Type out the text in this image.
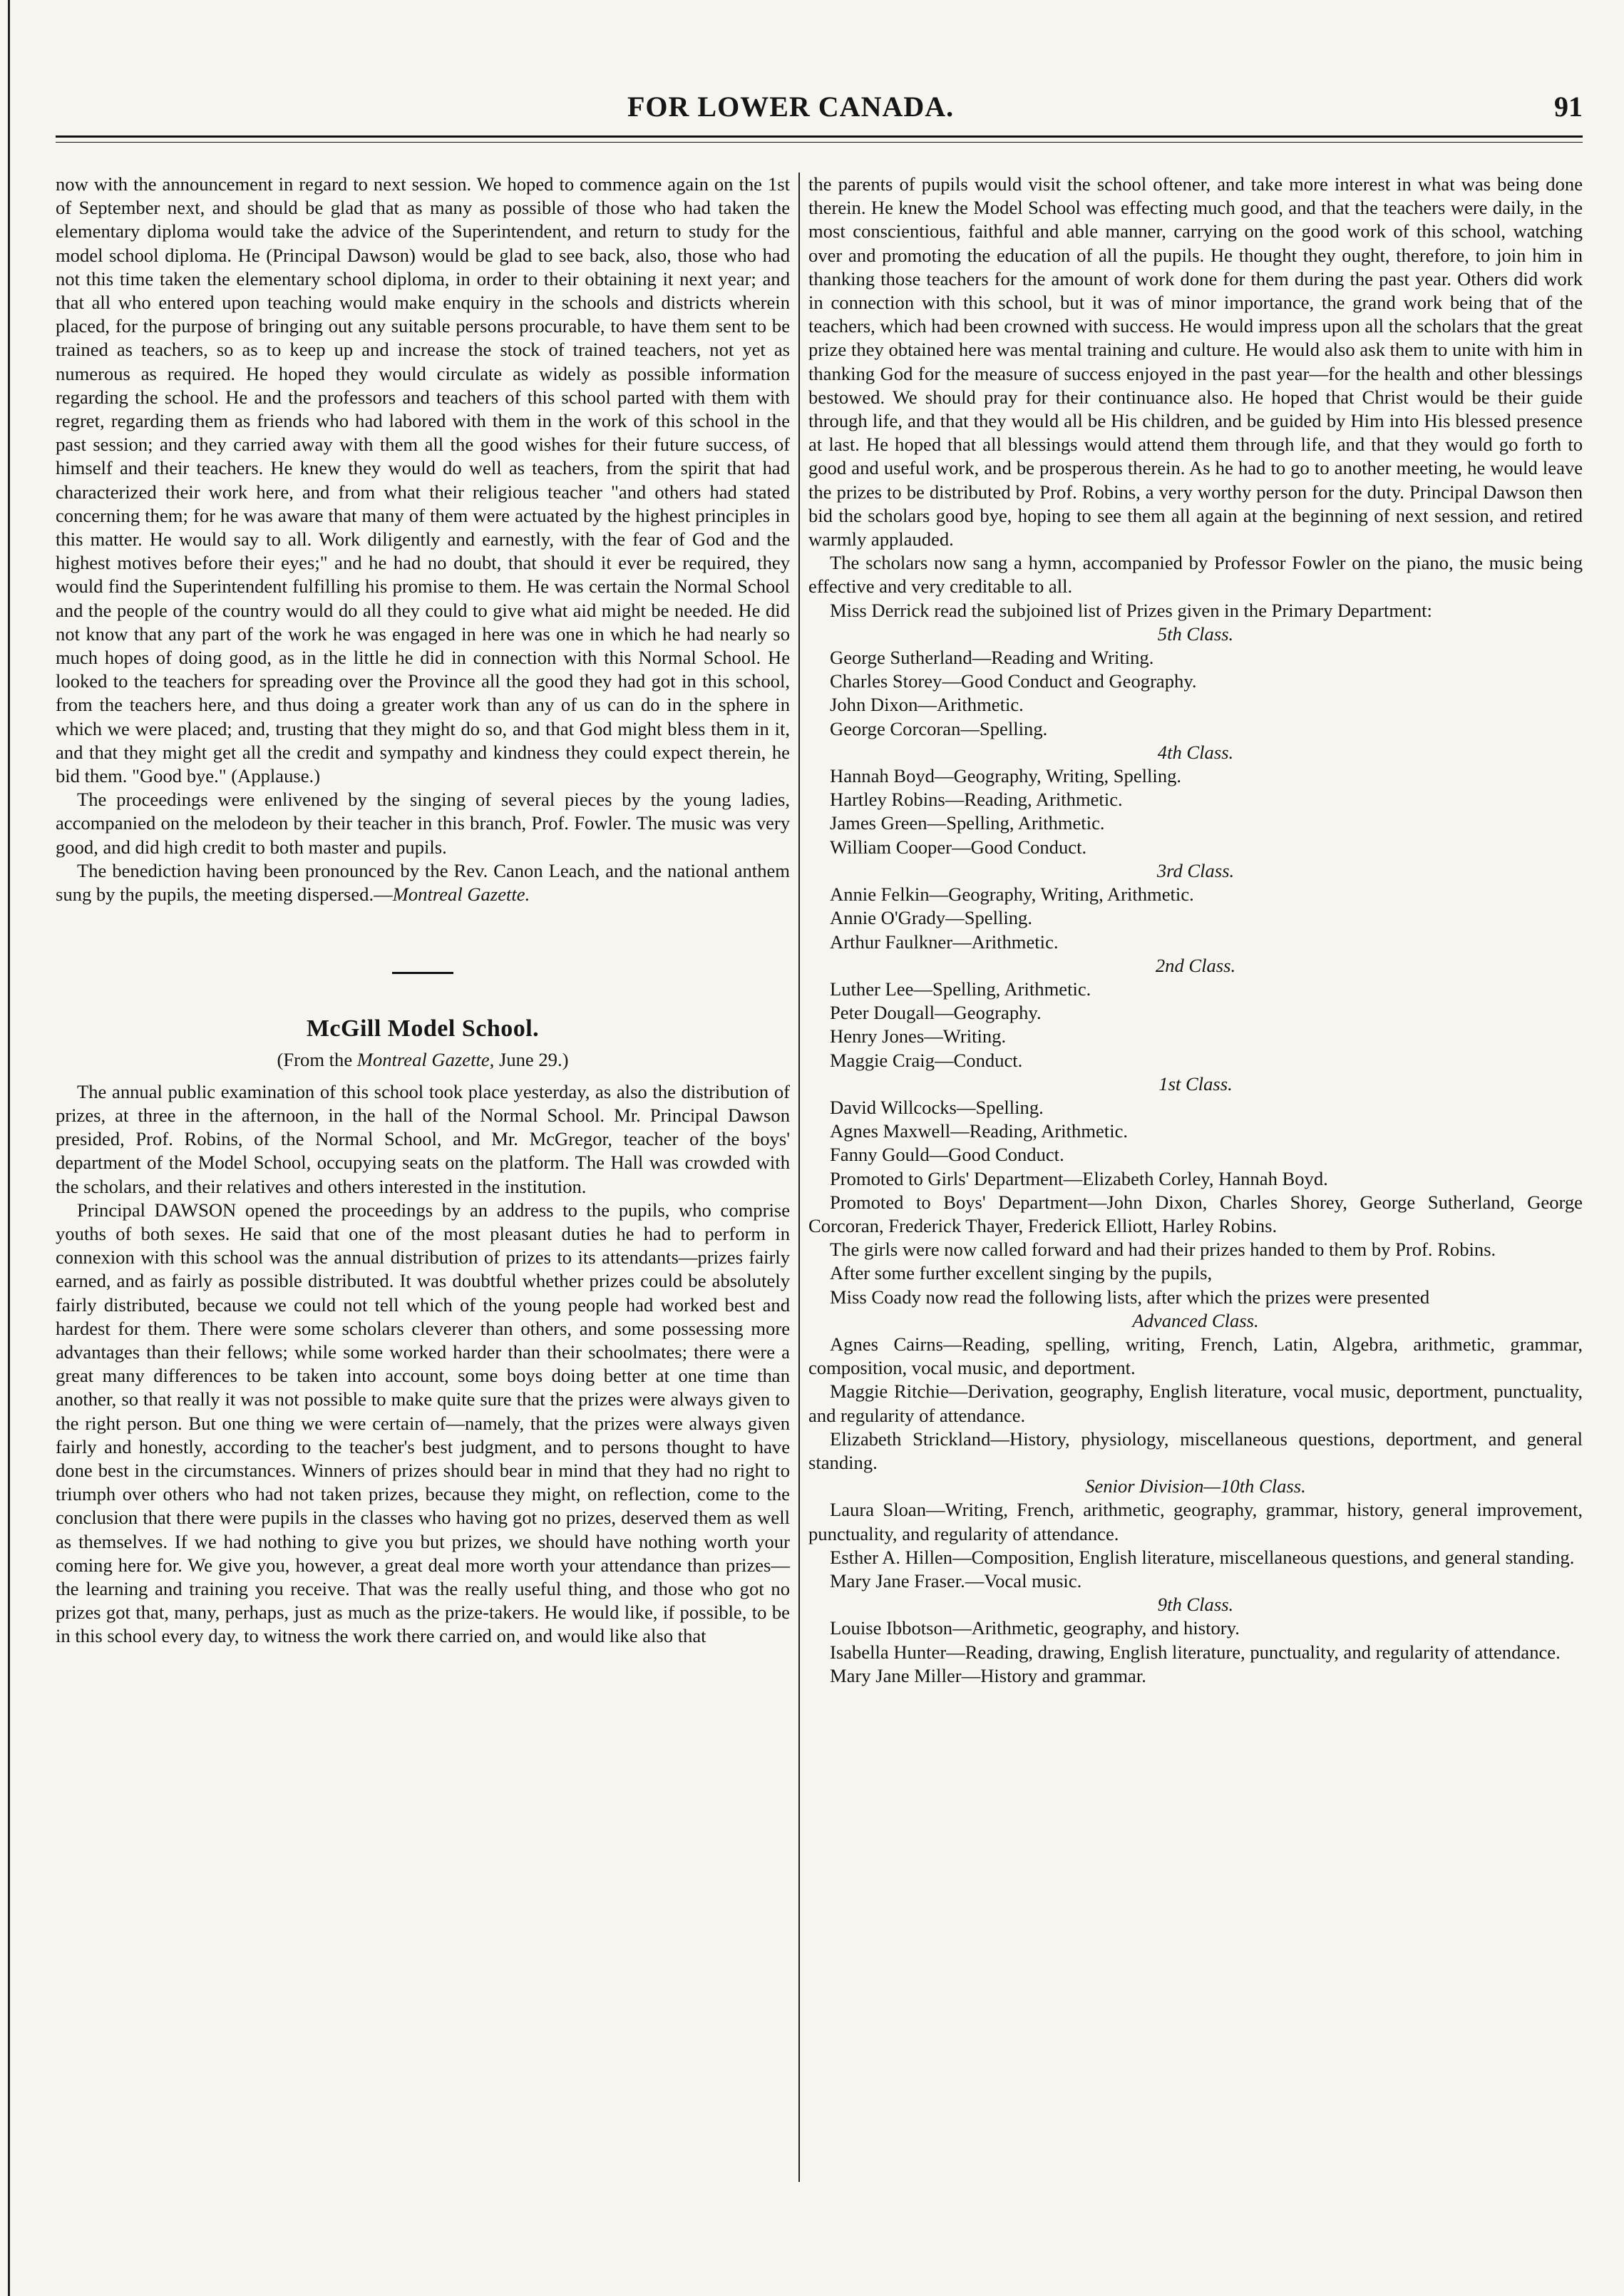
FOR LOWER CANADA.	91

now with the announcement in regard to next session. We hoped to commence again on the 1st of September next, and should be glad that as many as possible of those who had taken the elementary diploma would take the advice of the Superintendent, and return to study for the model school diploma. He (Principal Dawson) would be glad to see back, also, those who had not this time taken the elementary school diploma, in order to their obtaining it next year; and that all who entered upon teaching would make enquiry in the schools and districts wherein placed, for the purpose of bringing out any suitable persons procurable, to have them sent to be trained as teachers, so as to keep up and increase the stock of trained teachers, not yet as numerous as required. He hoped they would circulate as widely as possible information regarding the school. He and the professors and teachers of this school parted with them with regret, regarding them as friends who had labored with them in the work of this school in the past session; and they carried away with them all the good wishes for their future success, of himself and their teachers. He knew they would do well as teachers, from the spirit that had characterized their work here, and from what their religious teacher "and others had stated concerning them; for he was aware that many of them were actuated by the highest principles in this matter. He would say to all. Work diligently and earnestly, with the fear of God and the highest motives before their eyes;" and he had no doubt, that should it ever be required, they would find the Superintendent fulfilling his promise to them. He was certain the Normal School and the people of the country would do all they could to give what aid might be needed. He did not know that any part of the work he was engaged in here was one in which he had nearly so much hopes of doing good, as in the little he did in connection with this Normal School. He looked to the teachers for spreading over the Province all the good they had got in this school, from the teachers here, and thus doing a greater work than any of us can do in the sphere in which we were placed; and, trusting that they might do so, and that God might bless them in it, and that they might get all the credit and sympathy and kindness they could expect therein, he bid them. "Good bye." (Applause.)

The proceedings were enlivened by the singing of several pieces by the young ladies, accompanied on the melodeon by their teacher in this branch, Prof. Fowler. The music was very good, and did high credit to both master and pupils.

The benediction having been pronounced by the Rev. Canon Leach, and the national anthem sung by the pupils, the meeting dispersed.—Montreal Gazette.

McGill Model School.

(From the Montreal Gazette, June 29.)

The annual public examination of this school took place yesterday, as also the distribution of prizes, at three in the afternoon, in the hall of the Normal School. Mr. Principal Dawson presided, Prof. Robins, of the Normal School, and Mr. McGregor, teacher of the boys' department of the Model School, occupying seats on the platform. The Hall was crowded with the scholars, and their relatives and others interested in the institution.

Principal DAWSON opened the proceedings by an address to the pupils, who comprise youths of both sexes. He said that one of the most pleasant duties he had to perform in connexion with this school was the annual distribution of prizes to its attendants—prizes fairly earned, and as fairly as possible distributed. It was doubtful whether prizes could be absolutely fairly distributed, because we could not tell which of the young people had worked best and hardest for them. There were some scholars cleverer than others, and some possessing more advantages than their fellows; while some worked harder than their schoolmates; there were a great many differences to be taken into account, some boys doing better at one time than another, so that really it was not possible to make quite sure that the prizes were always given to the right person. But one thing we were certain of—namely, that the prizes were always given fairly and honestly, according to the teacher's best judgment, and to persons thought to have done best in the circumstances. Winners of prizes should bear in mind that they had no right to triumph over others who had not taken prizes, because they might, on reflection, come to the conclusion that there were pupils in the classes who having got no prizes, deserved them as well as themselves. If we had nothing to give you but prizes, we should have nothing worth your coming here for. We give you, however, a great deal more worth your attendance than prizes—the learning and training you receive. That was the really useful thing, and those who got no prizes got that, many, perhaps, just as much as the prize-takers. He would like, if possible, to be in this school every day, to witness the work there carried on, and would like also that

the parents of pupils would visit the school oftener, and take more interest in what was being done therein. He knew the Model School was effecting much good, and that the teachers were daily, in the most conscientious, faithful and able manner, carrying on the good work of this school, watching over and promoting the education of all the pupils. He thought they ought, therefore, to join him in thanking those teachers for the amount of work done for them during the past year. Others did work in connection with this school, but it was of minor importance, the grand work being that of the teachers, which had been crowned with success. He would impress upon all the scholars that the great prize they obtained here was mental training and culture. He would also ask them to unite with him in thanking God for the measure of success enjoyed in the past year—for the health and other blessings bestowed. We should pray for their continuance also. He hoped that Christ would be their guide through life, and that they would all be His children, and be guided by Him into His blessed presence at last. He hoped that all blessings would attend them through life, and that they would go forth to good and useful work, and be prosperous therein. As he had to go to another meeting, he would leave the prizes to be distributed by Prof. Robins, a very worthy person for the duty. Principal Dawson then bid the scholars good bye, hoping to see them all again at the beginning of next session, and retired warmly applauded.

The scholars now sang a hymn, accompanied by Professor Fowler on the piano, the music being effective and very creditable to all.

Miss Derrick read the subjoined list of Prizes given in the Primary Department:

5th Class.

George Sutherland—Reading and Writing.

Charles Storey—Good Conduct and Geography.

John Dixon—Arithmetic.

George Corcoran—Spelling.

4th Class.

Hannah Boyd—Geography, Writing, Spelling.

Hartley Robins—Reading, Arithmetic.

James Green—Spelling, Arithmetic.

William Cooper—Good Conduct.

3rd Class.

Annie Felkin—Geography, Writing, Arithmetic.

Annie O'Grady—Spelling.

Arthur Faulkner—Arithmetic.

2nd Class.

Luther Lee—Spelling, Arithmetic.

Peter Dougall—Geography.

Henry Jones—Writing.

Maggie Craig—Conduct.

1st Class.

David Willcocks—Spelling.

Agnes Maxwell—Reading, Arithmetic.

Fanny Gould—Good Conduct.

Promoted to Girls' Department—Elizabeth Corley, Hannah Boyd.

Promoted to Boys' Department—John Dixon, Charles Shorey, George Sutherland, George Corcoran, Frederick Thayer, Frederick Elliott, Harley Robins.

The girls were now called forward and had their prizes handed to them by Prof. Robins.

After some further excellent singing by the pupils,

Miss Coady now read the following lists, after which the prizes were presented

Advanced Class.

Agnes Cairns—Reading, spelling, writing, French, Latin, Algebra, arithmetic, grammar, composition, vocal music, and deportment.

Maggie Ritchie—Derivation, geography, English literature, vocal music, deportment, punctuality, and regularity of attendance.

Elizabeth Strickland—History, physiology, miscellaneous questions, deportment, and general standing.

Senior Division—10th Class.

Laura Sloan—Writing, French, arithmetic, geography, grammar, history, general improvement, punctuality, and regularity of attendance.

Esther A. Hillen—Composition, English literature, miscellaneous questions, and general standing.

Mary Jane Fraser.—Vocal music.

9th Class.

Louise Ibbotson—Arithmetic, geography, and history.

Isabella Hunter—Reading, drawing, English literature, punctuality, and regularity of attendance.

Mary Jane Miller—History and grammar.
